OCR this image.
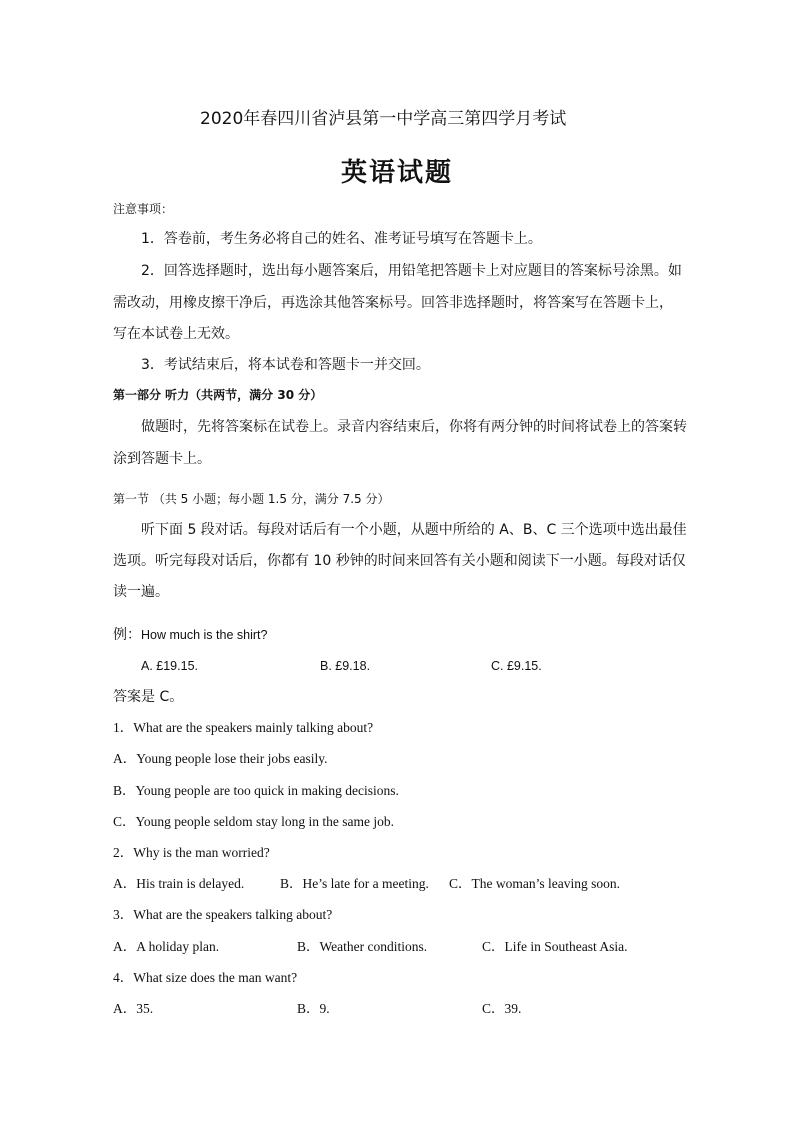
2020年春四川省泸县第一中学高三第四学月考试
英语试题
注意事项：
1．答卷前，考生务必将自己的姓名、准考证号填写在答题卡上。
2．回答选择题时，选出每小题答案后，用铅笔把答题卡上对应题目的答案标号涂黑。如
需改动，用橡皮擦干净后，再选涂其他答案标号。回答非选择题时，将答案写在答题卡上，
写在本试卷上无效。
3．考试结束后，将本试卷和答题卡一并交回。
第一部分 听力（共两节，满分 30 分）
做题时，先将答案标在试卷上。录音内容结束后，你将有两分钟的时间将试卷上的答案转
涂到答题卡上。
第一节 （共 5 小题；每小题 1.5 分，满分 7.5 分）
听下面 5 段对话。每段对话后有一个小题，从题中所给的 A、B、C 三个选项中选出最佳
选项。听完每段对话后，你都有 10 秒钟的时间来回答有关小题和阅读下一小题。每段对话仅
读一遍。
例：How much is the shirt?
A. £19.15.	B. £9.18.	C. £9.15.
答案是 C。
1．What are the speakers mainly talking about?
A．Young people lose their jobs easily.
B．Young people are too quick in making decisions.
C．Young people seldom stay long in the same job.
2．Why is the man worried?
A．His train is delayed.	B．He’s late for a meeting. C．The woman’s leaving soon.
3．What are the speakers talking about?
A．A holiday plan.	B．Weather conditions.	C．Life in Southeast Asia.
4．What size does the man want?
A．35.	B．9.	C．39.
